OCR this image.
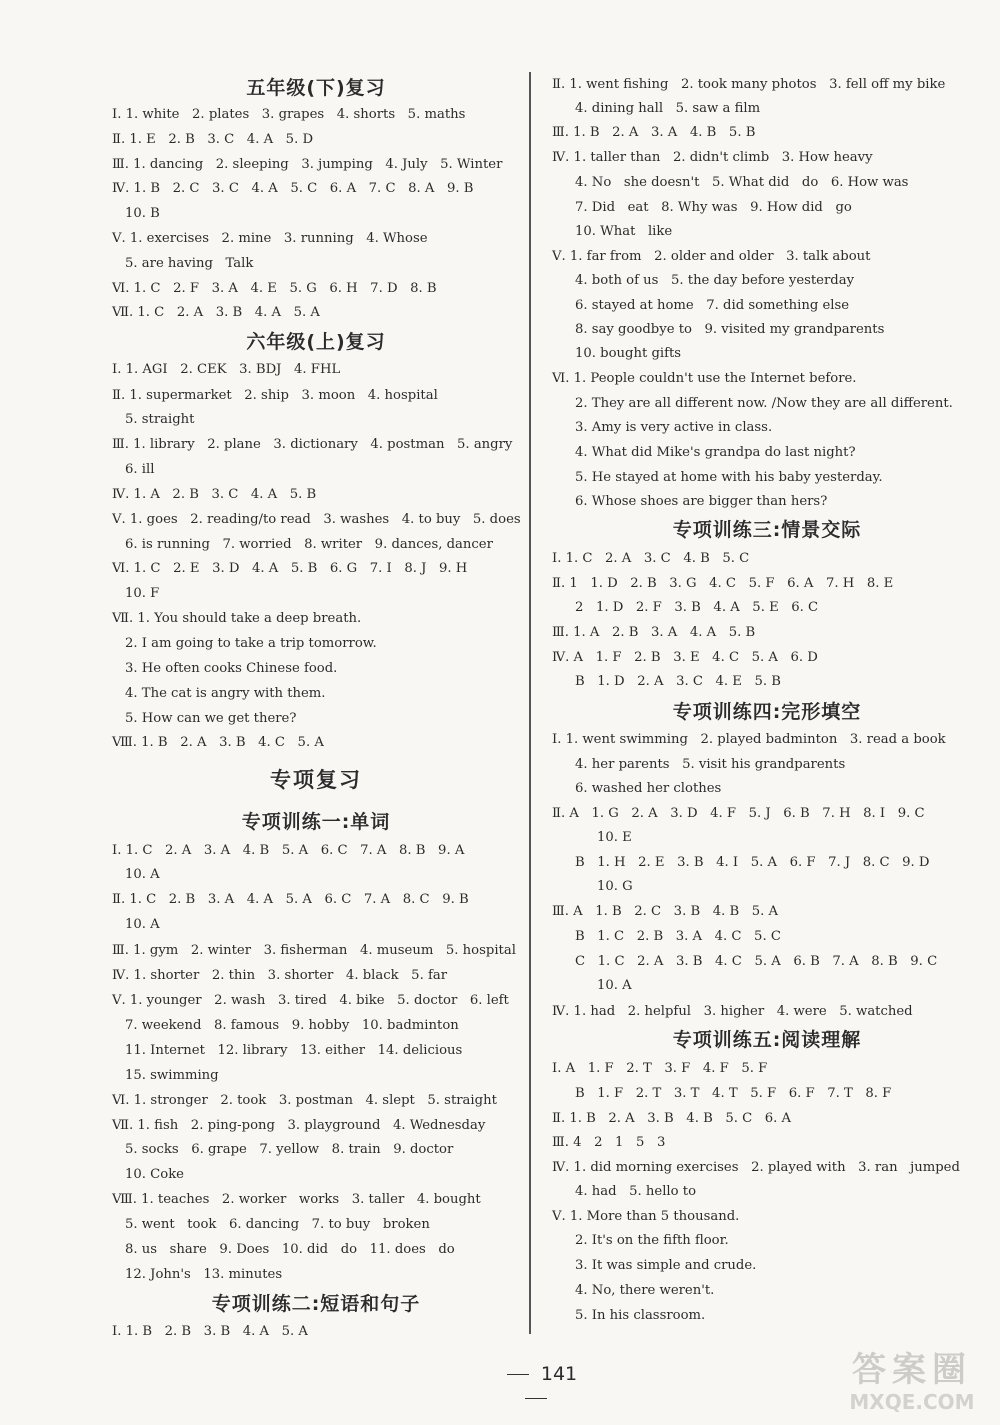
五年级(下)复习
Ⅰ. 1. white   2. plates   3. grapes   4. shorts   5. maths
Ⅱ. 1. E   2. B   3. C   4. A   5. D
Ⅲ. 1. dancing   2. sleeping   3. jumping   4. July   5. Winter
Ⅳ. 1. B   2. C   3. C   4. A   5. C   6. A   7. C   8. A   9. B
10. B
Ⅴ. 1. exercises   2. mine   3. running   4. Whose
5. are having   Talk
Ⅵ. 1. C   2. F   3. A   4. E   5. G   6. H   7. D   8. B
Ⅶ. 1. C   2. A   3. B   4. A   5. A
六年级(上)复习
Ⅰ. 1. AGI   2. CEK   3. BDJ   4. FHL
Ⅱ. 1. supermarket   2. ship   3. moon   4. hospital
5. straight
Ⅲ. 1. library   2. plane   3. dictionary   4. postman   5. angry
6. ill
Ⅳ. 1. A   2. B   3. C   4. A   5. B
Ⅴ. 1. goes   2. reading/to read   3. washes   4. to buy   5. does
6. is running   7. worried   8. writer   9. dances, dancer
Ⅵ. 1. C   2. E   3. D   4. A   5. B   6. G   7. I   8. J   9. H
10. F
Ⅶ. 1. You should take a deep breath.
2. I am going to take a trip tomorrow.
3. He often cooks Chinese food.
4. The cat is angry with them.
5. How can we get there?
Ⅷ. 1. B   2. A   3. B   4. C   5. A
专项复习
专项训练一:单词
Ⅰ. 1. C   2. A   3. A   4. B   5. A   6. C   7. A   8. B   9. A
10. A
Ⅱ. 1. C   2. B   3. A   4. A   5. A   6. C   7. A   8. C   9. B
10. A
Ⅲ. 1. gym   2. winter   3. fisherman   4. museum   5. hospital
Ⅳ. 1. shorter   2. thin   3. shorter   4. black   5. far
Ⅴ. 1. younger   2. wash   3. tired   4. bike   5. doctor   6. left
7. weekend   8. famous   9. hobby   10. badminton
11. Internet   12. library   13. either   14. delicious
15. swimming
Ⅵ. 1. stronger   2. took   3. postman   4. slept   5. straight
Ⅶ. 1. fish   2. ping-pong   3. playground   4. Wednesday
5. socks   6. grape   7. yellow   8. train   9. doctor
10. Coke
Ⅷ. 1. teaches   2. worker   works   3. taller   4. bought
5. went   took   6. dancing   7. to buy   broken
8. us   share   9. Does   10. did   do   11. does   do
12. John's   13. minutes
专项训练二:短语和句子
Ⅰ. 1. B   2. B   3. B   4. A   5. A
Ⅱ. 1. went fishing   2. took many photos   3. fell off my bike
4. dining hall   5. saw a film
Ⅲ. 1. B   2. A   3. A   4. B   5. B
Ⅳ. 1. taller than   2. didn't climb   3. How heavy
4. No   she doesn't   5. What did   do   6. How was
7. Did   eat   8. Why was   9. How did   go
10. What   like
Ⅴ. 1. far from   2. older and older   3. talk about
4. both of us   5. the day before yesterday
6. stayed at home   7. did something else
8. say goodbye to   9. visited my grandparents
10. bought gifts
Ⅵ. 1. People couldn't use the Internet before.
2. They are all different now. /Now they are all different.
3. Amy is very active in class.
4. What did Mike's grandpa do last night?
5. He stayed at home with his baby yesterday.
6. Whose shoes are bigger than hers?
专项训练三:情景交际
Ⅰ. 1. C   2. A   3. C   4. B   5. C
Ⅱ. 1   1. D   2. B   3. G   4. C   5. F   6. A   7. H   8. E
2   1. D   2. F   3. B   4. A   5. E   6. C
Ⅲ. 1. A   2. B   3. A   4. A   5. B
Ⅳ. A   1. F   2. B   3. E   4. C   5. A   6. D
B   1. D   2. A   3. C   4. E   5. B
专项训练四:完形填空
Ⅰ. 1. went swimming   2. played badminton   3. read a book
4. her parents   5. visit his grandparents
6. washed her clothes
Ⅱ. A   1. G   2. A   3. D   4. F   5. J   6. B   7. H   8. I   9. C
10. E
B   1. H   2. E   3. B   4. I   5. A   6. F   7. J   8. C   9. D
10. G
Ⅲ. A   1. B   2. C   3. B   4. B   5. A
B   1. C   2. B   3. A   4. C   5. C
C   1. C   2. A   3. B   4. C   5. A   6. B   7. A   8. B   9. C
10. A
Ⅳ. 1. had   2. helpful   3. higher   4. were   5. watched
专项训练五:阅读理解
Ⅰ. A   1. F   2. T   3. F   4. F   5. F
B   1. F   2. T   3. T   4. T   5. F   6. F   7. T   8. F
Ⅱ. 1. B   2. A   3. B   4. B   5. C   6. A
Ⅲ. 4   2   1   5   3
Ⅳ. 1. did morning exercises   2. played with   3. ran   jumped
4. had   5. hello to
Ⅴ. 1. More than 5 thousand.
2. It's on the fifth floor.
3. It was simple and crude.
4. No, there weren't.
5. In his classroom.
141	答案圈
MXQE.COM
